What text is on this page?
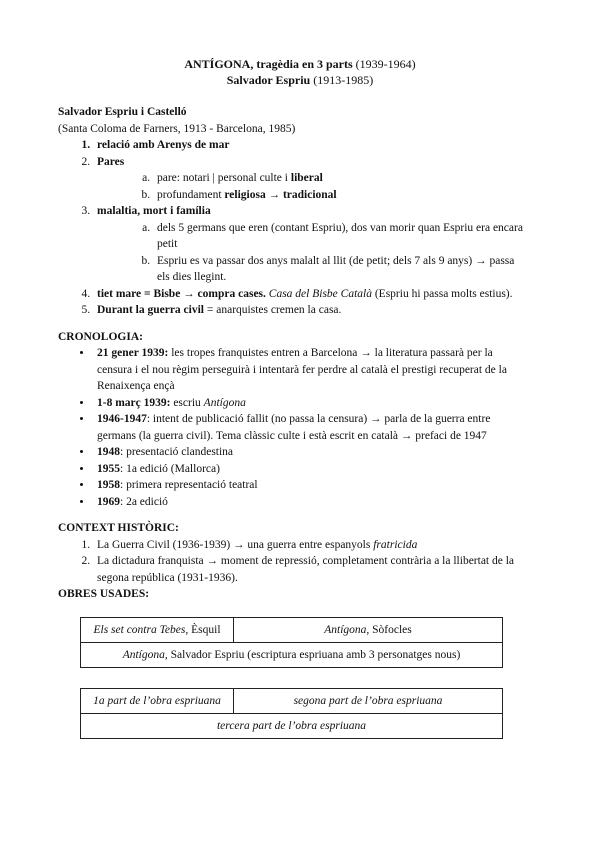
ANTÍGONA, tragèdia en 3 parts (1939-1964)
Salvador Espriu (1913-1985)
Salvador Espriu i Castelló
(Santa Coloma de Farners, 1913 - Barcelona, 1985)
1. relació amb Arenys de mar
2. Pares
a. pare: notari | personal culte i liberal
b. profundament religiosa → tradicional
3. malaltia, mort i família
a. dels 5 germans que eren (contant Espriu), dos van morir quan Espriu era encara petit
b. Espriu es va passar dos anys malalt al llit (de petit; dels 7 als 9 anys) → passa els dies llegint.
4. tiet mare = Bisbe → compra cases. Casa del Bisbe Català (Espriu hi passa molts estius).
5. Durant la guerra civil = anarquistes cremen la casa.
CRONOLOGIA:
• 21 gener 1939: les tropes franquistes entren a Barcelona → la literatura passarà per la censura i el nou règim perseguirà i intentarà fer perdre al català el prestigi recuperat de la Renaixença ençà
• 1-8 març 1939: escriu Antígona
• 1946-1947: intent de publicació fallit (no passa la censura) → parla de la guerra entre germans (la guerra civil). Tema clàssic culte i està escrit en català → prefaci de 1947
• 1948: presentació clandestina
• 1955: 1a edició (Mallorca)
• 1958: primera representació teatral
• 1969: 2a edició
CONTEXT HISTÒRIC:
1. La Guerra Civil (1936-1939) → una guerra entre espanyols fratricida
2. La dictadura franquista → moment de repressió, completament contrària a la llibertat de la segona república (1931-1936).
OBRES USADES:
Els set contra Tebes, Èsquil	Antígona, Sòfocles
Antígona, Salvador Espriu (escriptura espriuana amb 3 personatges nous)
1a part de l’obra espriuana	segona part de l’obra espriuana
tercera part de l’obra espriuana
